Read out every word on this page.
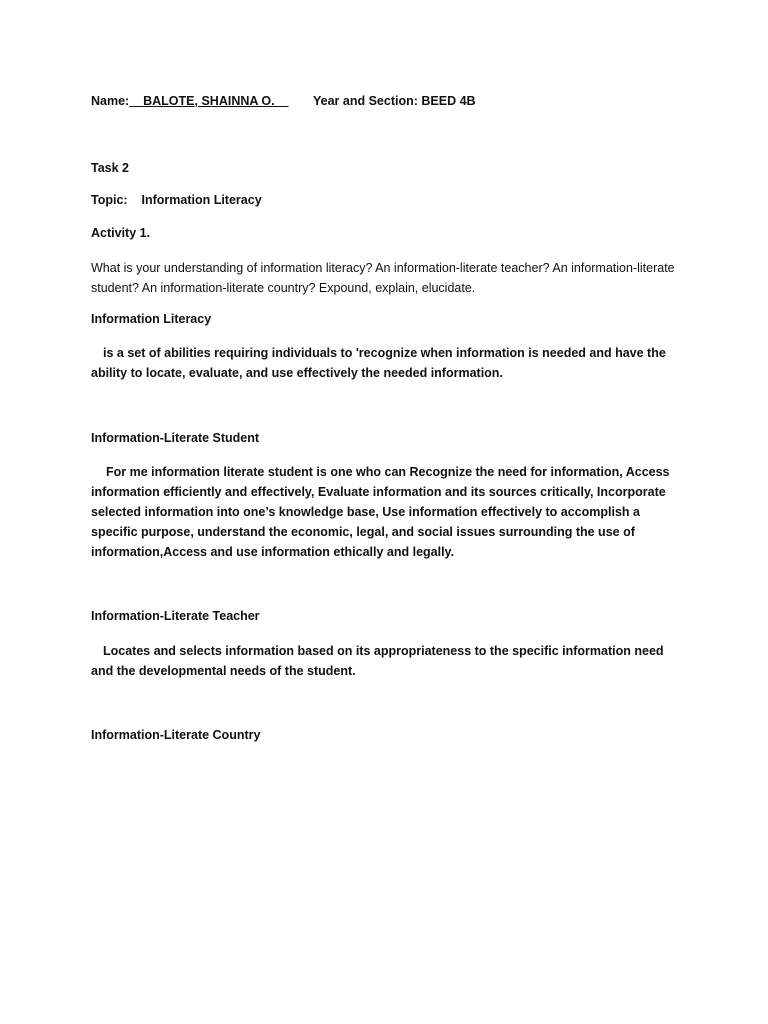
Name:__BALOTE, SHAINNA O.__ Year and Section: BEED 4B
Task 2
Topic: Information Literacy
Activity 1.
What is your understanding of information literacy? An information-literate teacher? An information-literate student? An information-literate country? Expound, explain, elucidate.
Information Literacy
is a set of abilities requiring individuals to 'recognize when information is needed and have the ability to locate, evaluate, and use effectively the needed information.
Information-Literate Student
For me information literate student is one who can Recognize the need for information, Access information efficiently and effectively, Evaluate information and its sources critically, Incorporate selected information into one’s knowledge base, Use information effectively to accomplish a specific purpose, understand the economic, legal, and social issues surrounding the use of information,Access and use information ethically and legally.
Information-Literate Teacher
Locates and selects information based on its appropriateness to the specific information need and the developmental needs of the student.
Information-Literate Country
